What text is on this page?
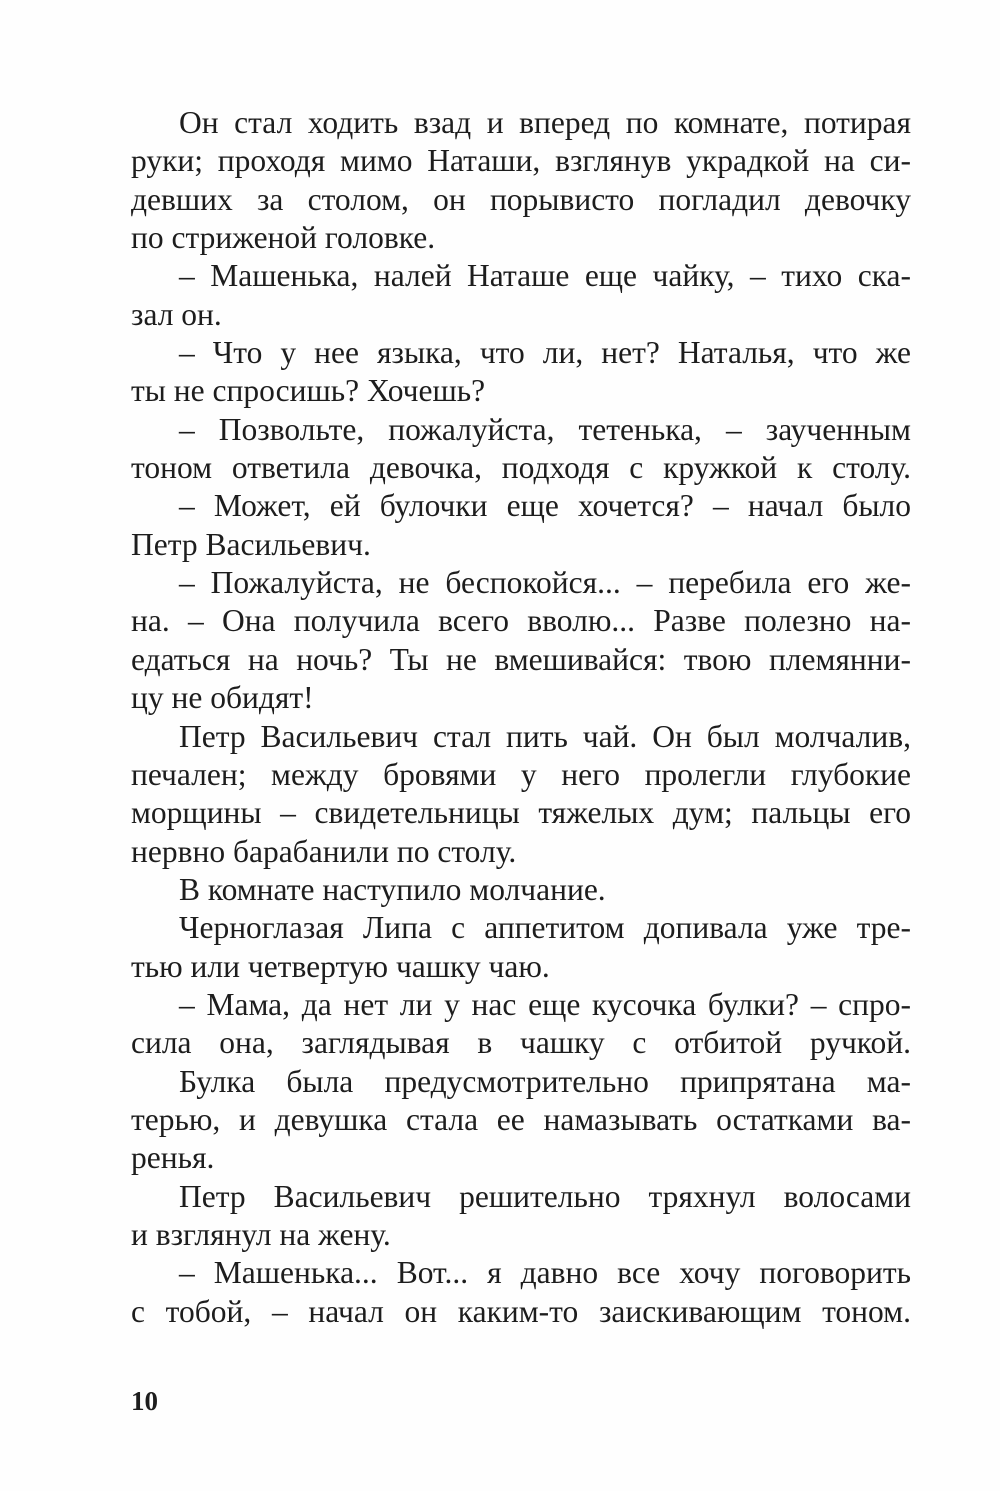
Он стал ходить взад и вперед по комнате, потирая
руки; проходя мимо Наташи, взглянув украдкой на си-
девших за столом, он порывисто погладил девочку
по стриженой головке.
– Машенька, налей Наташе еще чайку, – тихо ска-
зал он.
– Что у нее языка, что ли, нет? Наталья, что же
ты не спросишь? Хочешь?
– Позвольте, пожалуйста, тетенька, – заученным
тоном ответила девочка, подходя с кружкой к столу.
– Может, ей булочки еще хочется? – начал было
Петр Васильевич.
– Пожалуйста, не беспокойся... – перебила его же-
на. – Она получила всего вволю... Разве полезно на-
едаться на ночь? Ты не вмешивайся: твою племянни-
цу не обидят!
Петр Васильевич стал пить чай. Он был молчалив,
печален; между бровями у него пролегли глубокие
морщины – свидетельницы тяжелых дум; пальцы его
нервно барабанили по столу.
В комнате наступило молчание.
Черноглазая Липа с аппетитом допивала уже тре-
тью или четвертую чашку чаю.
– Мама, да нет ли у нас еще кусочка булки? – спро-
сила она, заглядывая в чашку с отбитой ручкой.
Булка была предусмотрительно припрятана ма-
терью, и девушка стала ее намазывать остатками ва-
ренья.
Петр Васильевич решительно тряхнул волосами
и взглянул на жену.
– Машенька... Вот... я давно все хочу поговорить
с тобой, – начал он каким-то заискивающим тоном.
10
